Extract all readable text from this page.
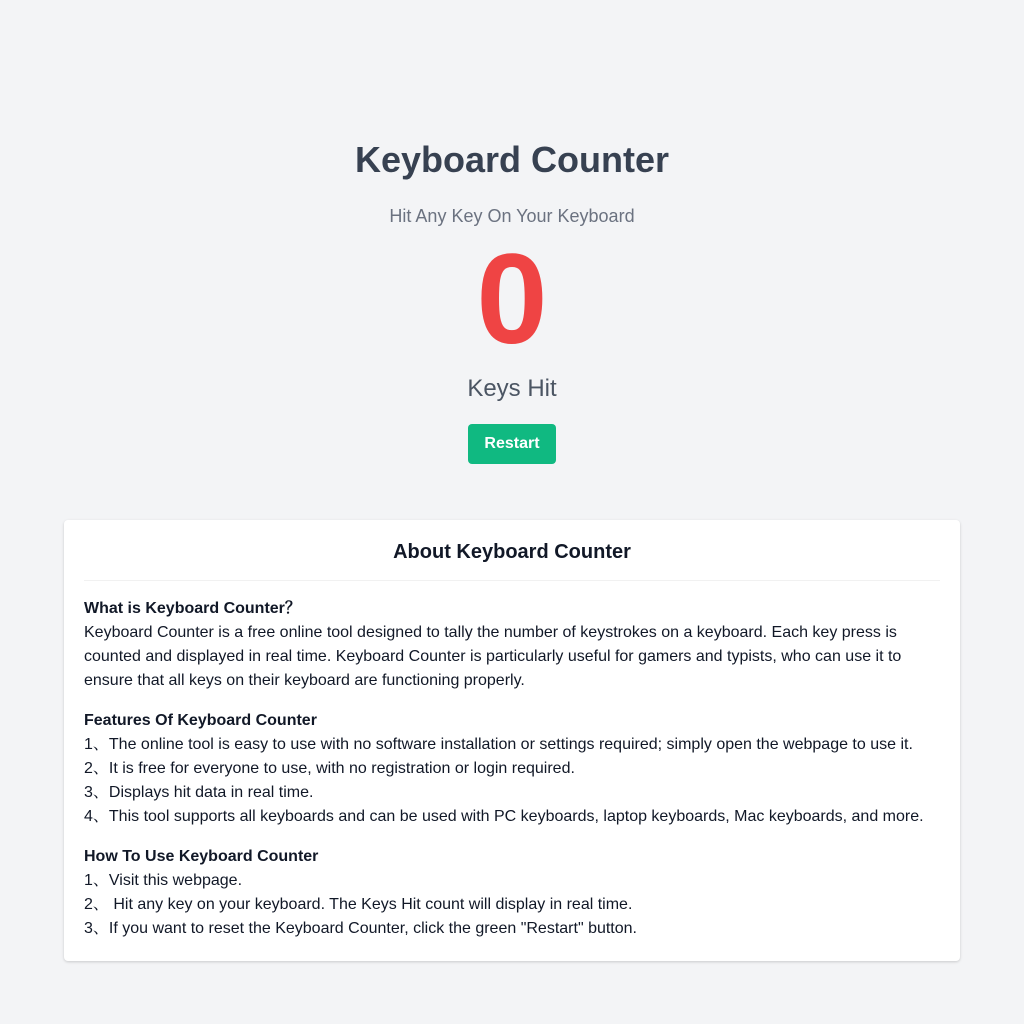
Keyboard Counter
Hit Any Key On Your Keyboard
0
Keys Hit
Restart
About Keyboard Counter
What is Keyboard Counter？
Keyboard Counter is a free online tool designed to tally the number of keystrokes on a keyboard. Each key press is counted and displayed in real time. Keyboard Counter is particularly useful for gamers and typists, who can use it to ensure that all keys on their keyboard are functioning properly.
Features Of Keyboard Counter
1、The online tool is easy to use with no software installation or settings required; simply open the webpage to use it.
2、It is free for everyone to use, with no registration or login required.
3、Displays hit data in real time.
4、This tool supports all keyboards and can be used with PC keyboards, laptop keyboards, Mac keyboards, and more.
How To Use Keyboard Counter
1、Visit this webpage.
2、 Hit any key on your keyboard. The Keys Hit count will display in real time.
3、If you want to reset the Keyboard Counter, click the green "Restart" button.
